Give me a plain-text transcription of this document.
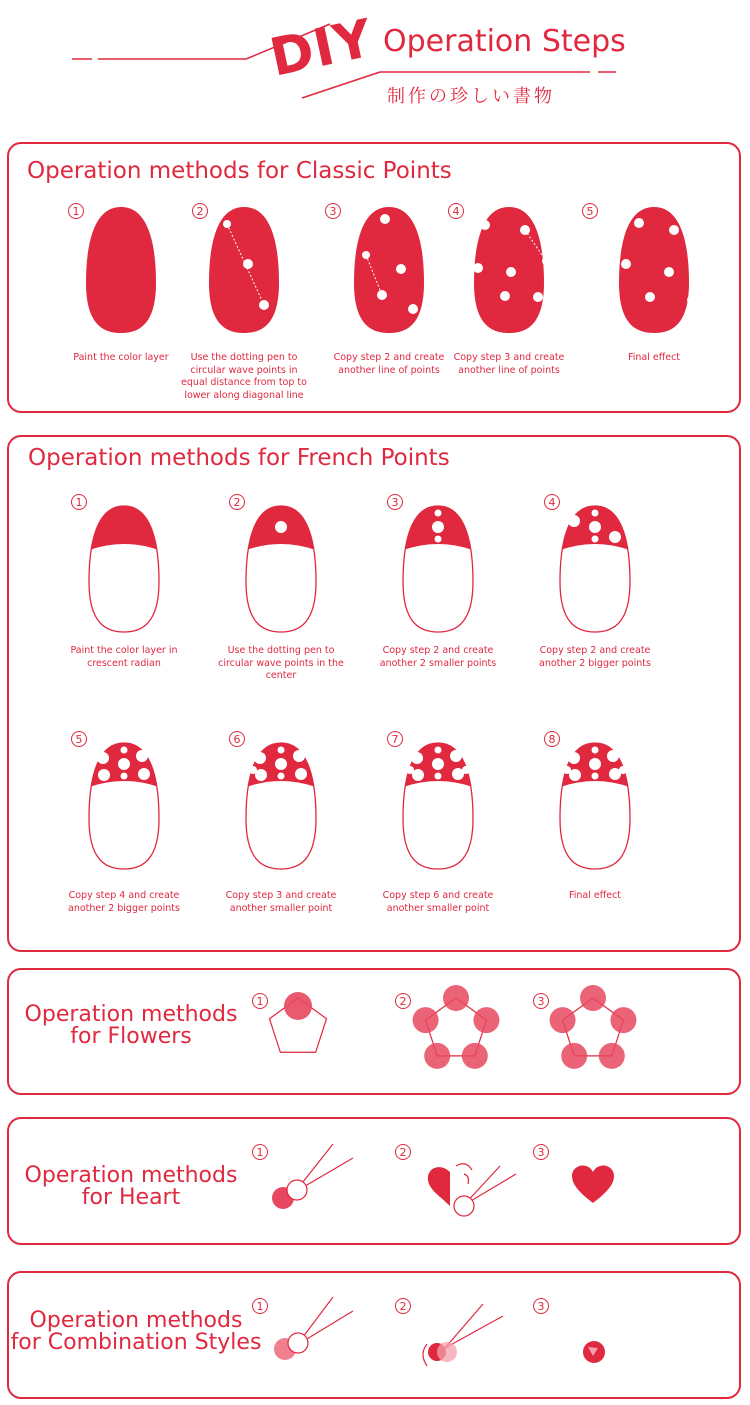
DIY Operation Steps
制作の珍しい書物
Operation methods for Classic Points
Operation methods for French Points
Operation methods
for Flowers
Operation methods
for Heart
Operation methods
for Combination Styles
1
Paint the color layer
2
Use the dotting pen to circular wave points in equal distance from top to lower along diagonal line
3
Copy step 2 and create another line of points
4
Copy step 3 and create another line of points
5
Final effect
1
Paint the color layer in crescent radian
2
Use the dotting pen to circular wave points in the center
3
Copy step 2 and create another 2 smaller points
4
Copy step 2 and create another 2 bigger points
5
Copy step 4 and create another 2 bigger points
6
Copy step 3 and create another smaller point
7
Copy step 6 and create another smaller point
8
Final effect
1	2	3
1	2	3
1	2	3
